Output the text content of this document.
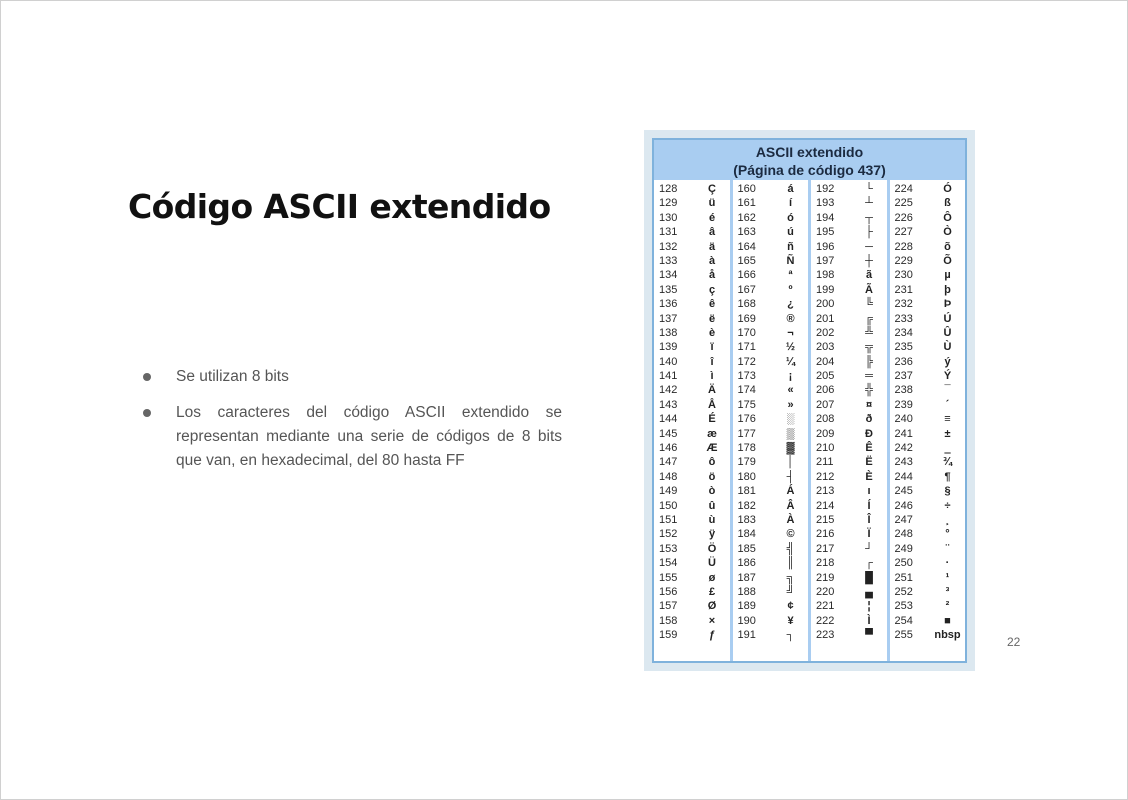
Código ASCII extendido
Se utilizan 8 bits
Los caracteres del código ASCII extendido se representan mediante una serie de códigos de 8 bits que van, en hexadecimal, del 80 hasta FF
ASCII extendido
(Página de código 437)
128	Ç
129	ü
130	é
131	â
132	ä
133	à
134	å
135	ç
136	ê
137	ë
138	è
139	ï
140	î
141	ì
142	Ä
143	Å
144	É
145	æ
146	Æ
147	ô
148	ö
149	ò
150	û
151	ù
152	ÿ
153	Ö
154	Ü
155	ø
156	£
157	Ø
158	×
159	ƒ
160	á
161	í
162	ó
163	ú
164	ñ
165	Ñ
166	ª
167	º
168	¿
169	®
170	¬
171	½
172	¼
173	¡
174	«
175	»
176	░
177	▒
178	▓
179	│
180	┤
181	Á
182	Â
183	À
184	©
185	╣
186	║
187	╗
188	╝
189	¢
190	¥
191	┐
192	└
193	┴
194	┬
195	├
196	─
197	┼
198	ã
199	Ã
200	╚
201	╔
202	╩
203	╦
204	╠
205	═
206	╬
207	¤
208	ð
209	Ð
210	Ê
211	Ë
212	È
213	ı
214	Í
215	Î
216	Ï
217	┘
218	┌
219	█
220	▄
221	¦
222	Ì
223	▀
224	Ó
225	ß
226	Ô
227	Ò
228	õ
229	Õ
230	µ
231	þ
232	Þ
233	Ú
234	Û
235	Ù
236	ý
237	Ý
238	¯
239	´
240	≡
241	±
242	‗
243	¾
244	¶
245	§
246	÷
247	¸
248	°
249	¨
250	·
251	¹
252	³
253	²
254	■
255	nbsp	22
